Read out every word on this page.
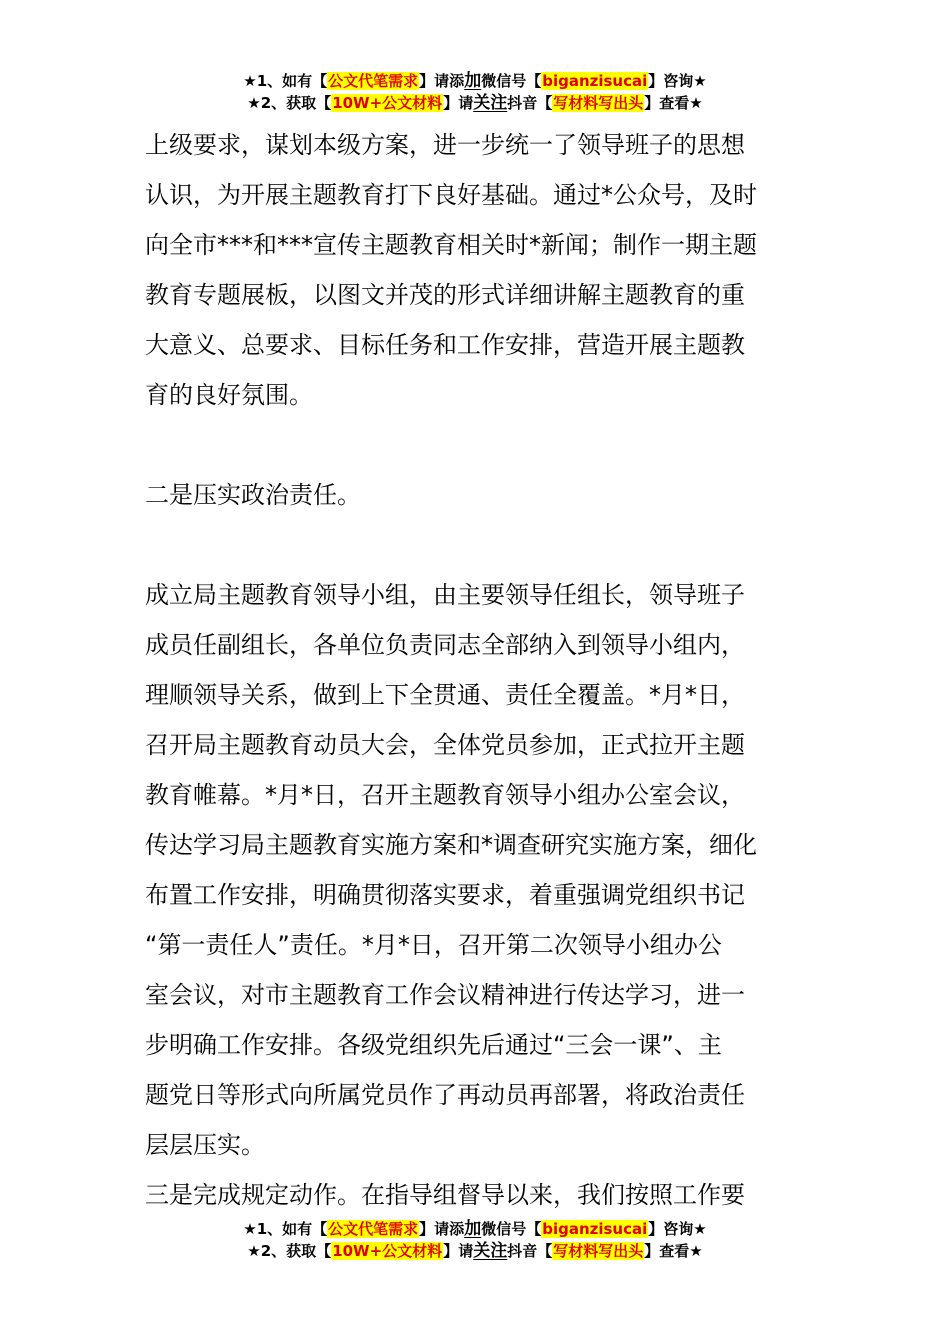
★1、如有【公文代笔需求】请添加微信号【biganzisucai】咨询★
★2、获取【10W+公文材料】请关注抖音【写材料写出头】查看★

上级要求，谋划本级方案，进一步统一了领导班子的思想

认识，为开展主题教育打下良好基础。通过*公众号，及时

向全市***和***宣传主题教育相关时*新闻；制作一期主题

教育专题展板，以图文并茂的形式详细讲解主题教育的重

大意义、总要求、目标任务和工作安排，营造开展主题教

育的良好氛围。

二是压实政治责任。

成立局主题教育领导小组，由主要领导任组长，领导班子

成员任副组长，各单位负责同志全部纳入到领导小组内，

理顺领导关系，做到上下全贯通、责任全覆盖。*月*日，

召开局主题教育动员大会，全体党员参加，正式拉开主题

教育帷幕。*月*日，召开主题教育领导小组办公室会议，

传达学习局主题教育实施方案和*调查研究实施方案，细化

布置工作安排，明确贯彻落实要求，着重强调党组织书记

“第一责任人”责任。*月*日，召开第二次领导小组办公

室会议，对市主题教育工作会议精神进行传达学习，进一

步明确工作安排。各级党组织先后通过“三会一课”、主

题党日等形式向所属党员作了再动员再部署，将政治责任

层层压实。

三是完成规定动作。在指导组督导以来，我们按照工作要

★1、如有【公文代笔需求】请添加微信号【biganzisucai】咨询★
★2、获取【10W+公文材料】请关注抖音【写材料写出头】查看★
